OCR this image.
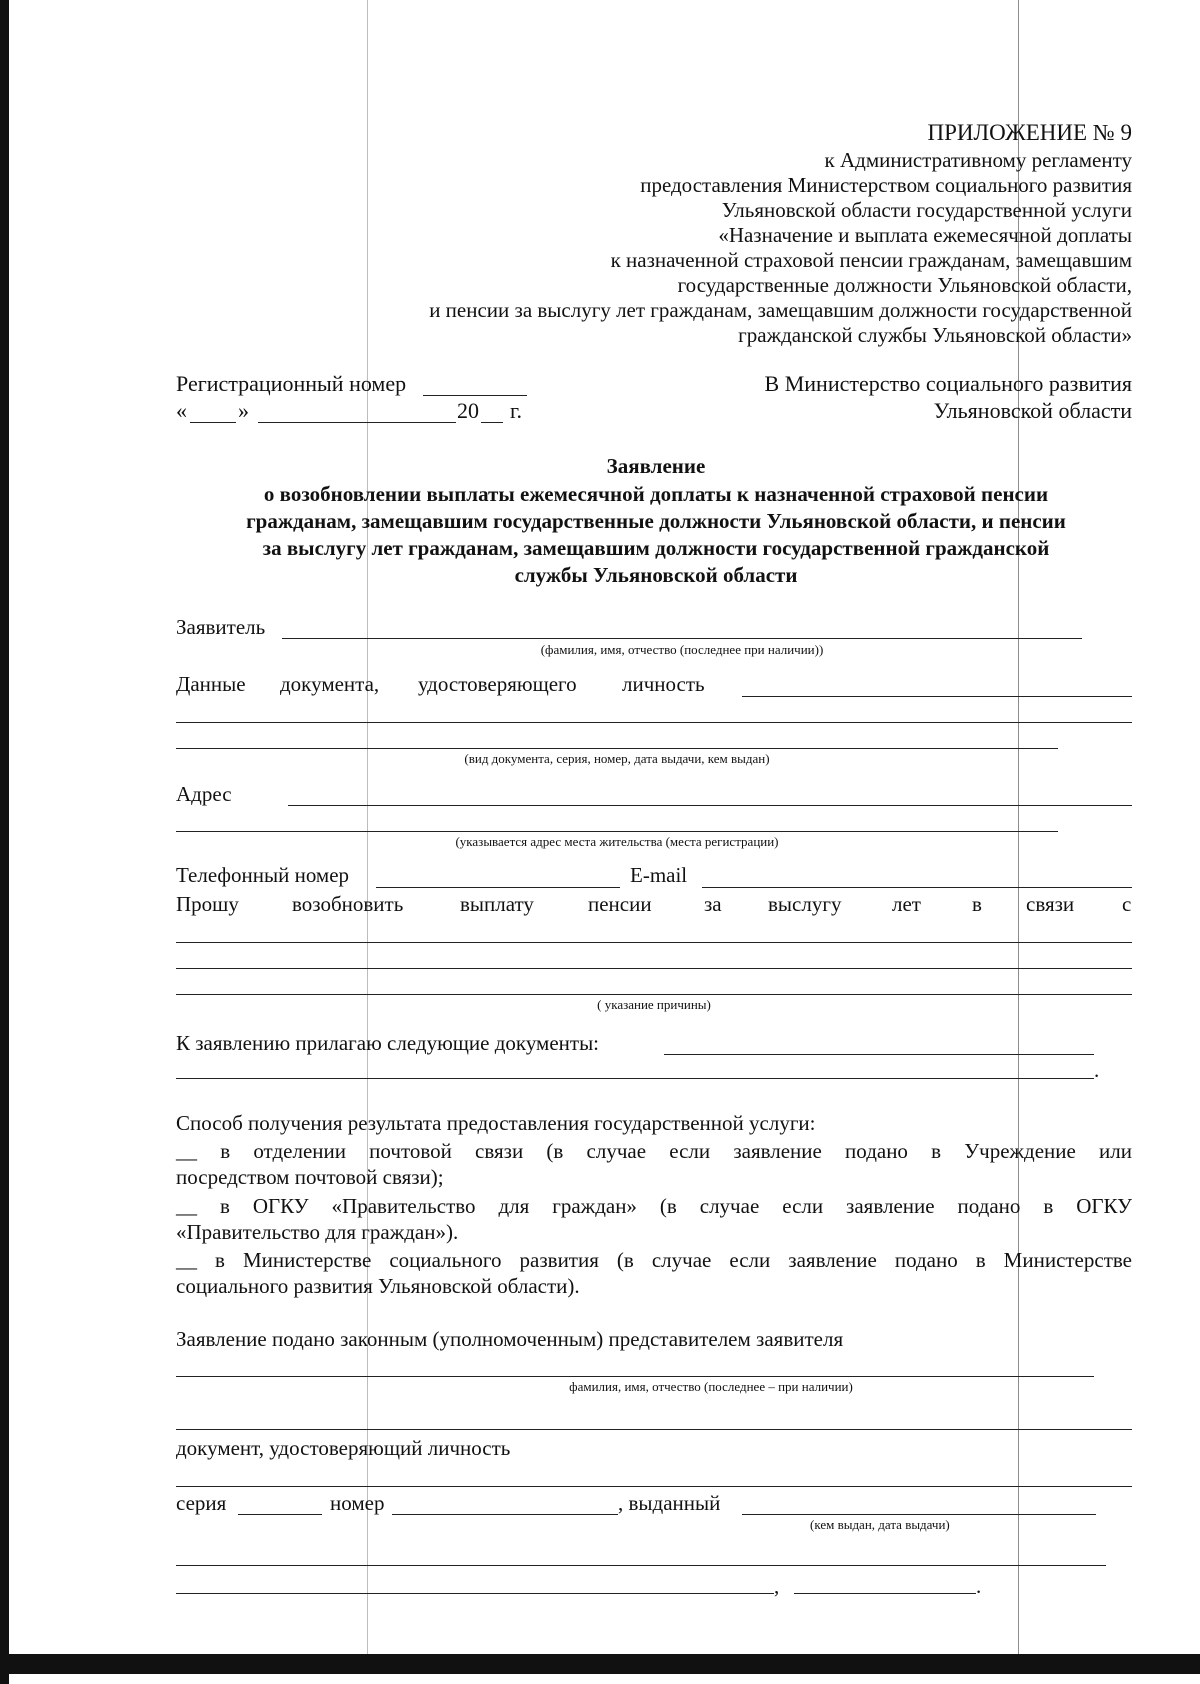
ПРИЛОЖЕНИЕ № 9
к Административному регламенту
предоставления Министерством социального развития
Ульяновской области государственной услуги
«Назначение и выплата ежемесячной доплаты
к назначенной страховой пенсии гражданам, замещавшим
государственные должности Ульяновской области,
и пенсии за выслугу лет гражданам, замещавшим должности государственной
гражданской службы Ульяновской области»
Регистрационный номер
« »	20 г.
В Министерство социального развития
Ульяновской области
Заявление
о возобновлении выплаты ежемесячной доплаты к назначенной страховой пенсии
гражданам, замещавшим государственные должности Ульяновской области, и пенсии
за выслугу лет гражданам, замещавшим должности государственной гражданской
службы Ульяновской области
Заявитель
(фамилия, имя, отчество (последнее при наличии))
Данные документа, удостоверяющего личность
(вид документа, серия, номер, дата выдачи, кем выдан)
Адрес
(указывается адрес места жительства (места регистрации)
Телефонный номер	E-mail
Прошу	возобновить	выплату	пенсии за выслугу лет в связи с
( указание причины)
К заявлению прилагаю следующие документы:
.
Способ получения результата предоставления государственной услуги:
__ в отделении почтовой связи (в случае если заявление подано в Учреждение или
посредством почтовой связи);
__ в ОГКУ «Правительство для граждан» (в случае если заявление подано в ОГКУ
«Правительство для граждан»).
__ в Министерстве социального развития (в случае если заявление подано в Министерстве
социального развития Ульяновской области).
Заявление подано законным (уполномоченным) представителем заявителя
фамилия, имя, отчество (последнее – при наличии)
документ, удостоверяющий личность
серия	номер	, выданный
(кем выдан, дата выдачи)
,	.
